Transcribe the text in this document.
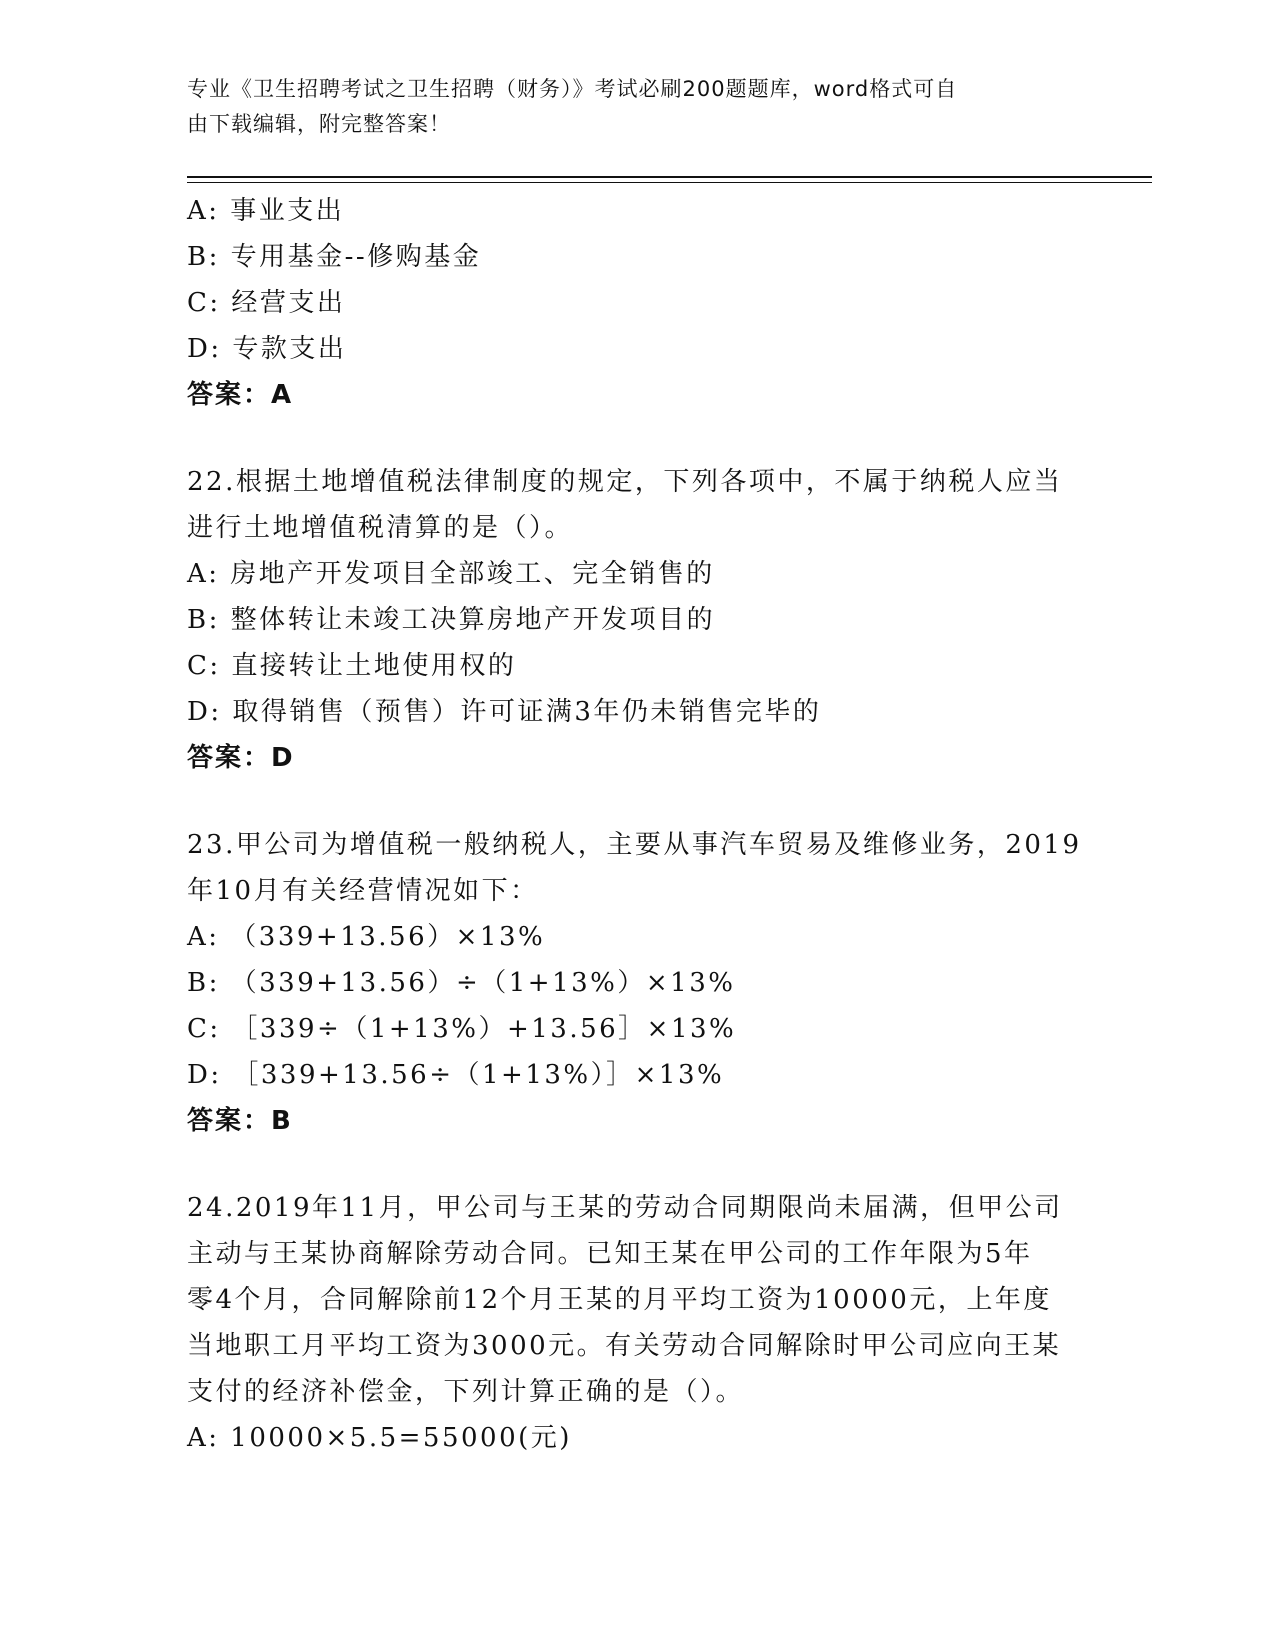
专业《卫生招聘考试之卫生招聘（财务）》考试必刷200题题库，word格式可自
由下载编辑，附完整答案！
A: 事业支出
B: 专用基金--修购基金
C: 经营支出
D: 专款支出
答案：A
22.根据土地增值税法律制度的规定，下列各项中，不属于纳税人应当
进行土地增值税清算的是（）。
A: 房地产开发项目全部竣工、完全销售的
B: 整体转让未竣工决算房地产开发项目的
C: 直接转让土地使用权的
D: 取得销售（预售）许可证满3年仍未销售完毕的
答案：D
23.甲公司为增值税一般纳税人，主要从事汽车贸易及维修业务，2019
年10月有关经营情况如下：
A: （339+13.56）×13%
B: （339+13.56）÷（1+13%）×13%
C: ［339÷（1+13%）+13.56］×13%
D: ［339+13.56÷（1+13%）］×13%
答案：B
24.2019年11月，甲公司与王某的劳动合同期限尚未届满，但甲公司
主动与王某协商解除劳动合同。已知王某在甲公司的工作年限为5年
零4个月，合同解除前12个月王某的月平均工资为10000元，上年度
当地职工月平均工资为3000元。有关劳动合同解除时甲公司应向王某
支付的经济补偿金，下列计算正确的是（）。
A: 10000×5.5=55000(元)
